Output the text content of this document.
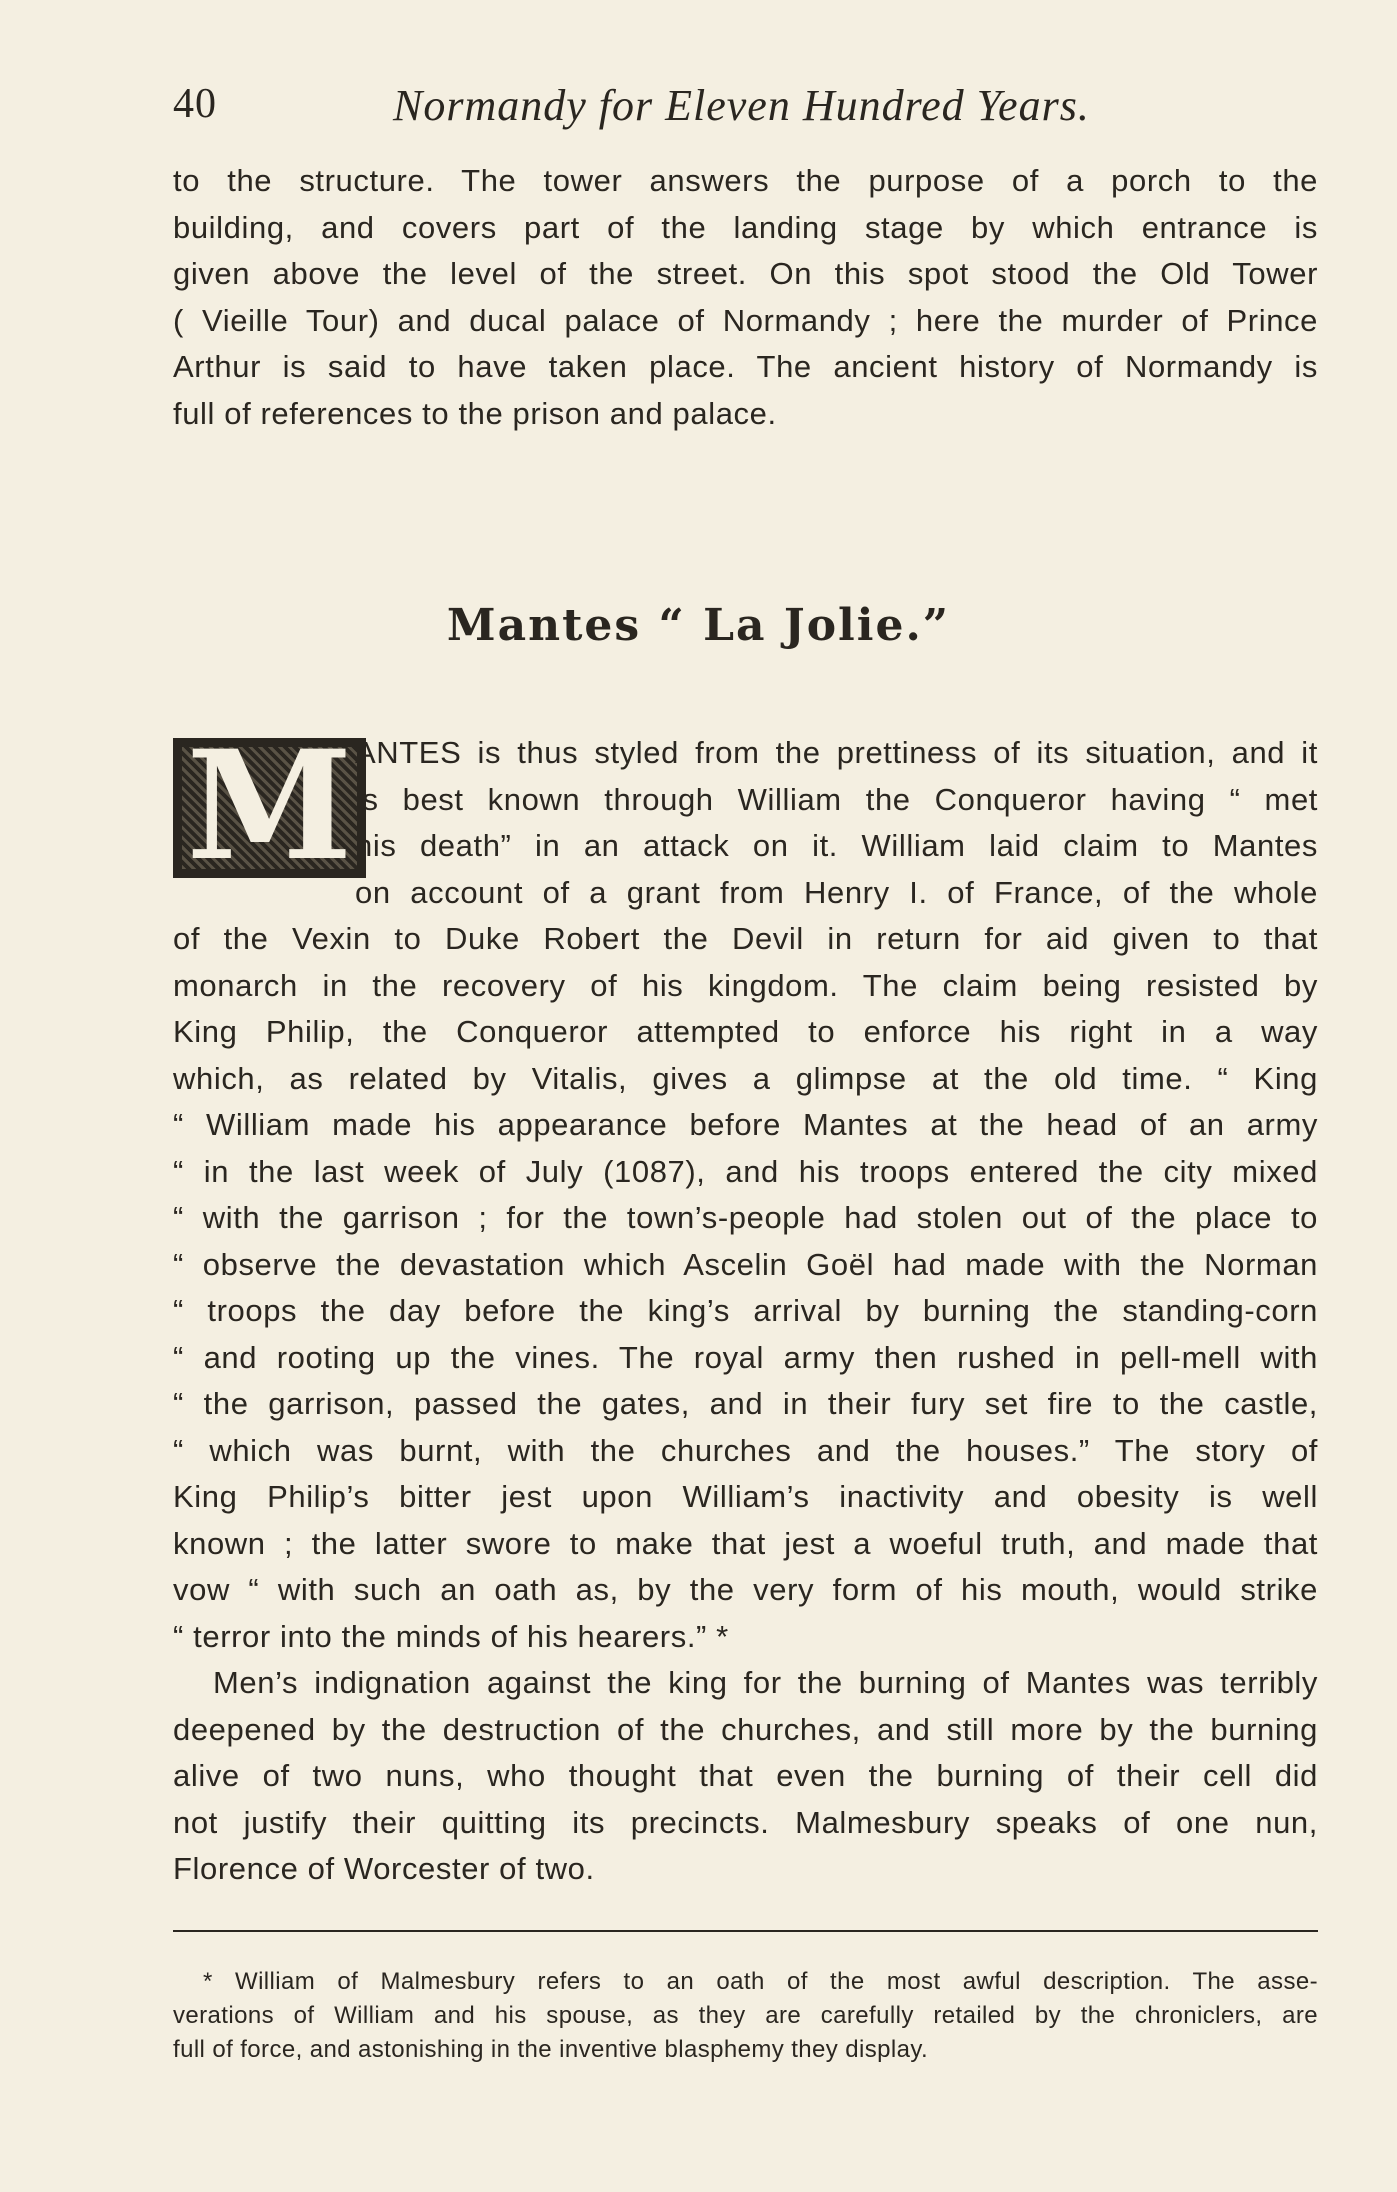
40	Normandy for Eleven Hundred Years.
to the structure. The tower answers the purpose of a porch to the
building, and covers part of the landing stage by which entrance is
given above the level of the street. On this spot stood the Old Tower
( Vieille Tour) and ducal palace of Normandy ; here the murder of Prince
Arthur is said to have taken place. The ancient history of Normandy is
full of references to the prison and palace.
Mantes “ La Jolie.”
M ANTES is thus styled from the prettiness of its situation, and it
is best known through William the Conqueror having “ met
his death” in an attack on it. William laid claim to Mantes
on account of a grant from Henry I. of France, of the whole
of the Vexin to Duke Robert the Devil in return for aid given to that
monarch in the recovery of his kingdom. The claim being resisted by
King Philip, the Conqueror attempted to enforce his right in a way
which, as related by Vitalis, gives a glimpse at the old time. “ King
“ William made his appearance before Mantes at the head of an army
“ in the last week of July (1087), and his troops entered the city mixed
“ with the garrison ; for the town’s-people had stolen out of the place to
“ observe the devastation which Ascelin Goël had made with the Norman
“ troops the day before the king’s arrival by burning the standing-corn
“ and rooting up the vines. The royal army then rushed in pell-mell with
“ the garrison, passed the gates, and in their fury set fire to the castle,
“ which was burnt, with the churches and the houses.” The story of
King Philip’s bitter jest upon William’s inactivity and obesity is well
known ; the latter swore to make that jest a woeful truth, and made that
vow “ with such an oath as, by the very form of his mouth, would strike
“ terror into the minds of his hearers.” *
Men’s indignation against the king for the burning of Mantes was terribly
deepened by the destruction of the churches, and still more by the burning
alive of two nuns, who thought that even the burning of their cell did
not justify their quitting its precincts. Malmesbury speaks of one nun,
Florence of Worcester of two.
* William of Malmesbury refers to an oath of the most awful description. The asse-
verations of William and his spouse, as they are carefully retailed by the chroniclers, are
full of force, and astonishing in the inventive blasphemy they display.
